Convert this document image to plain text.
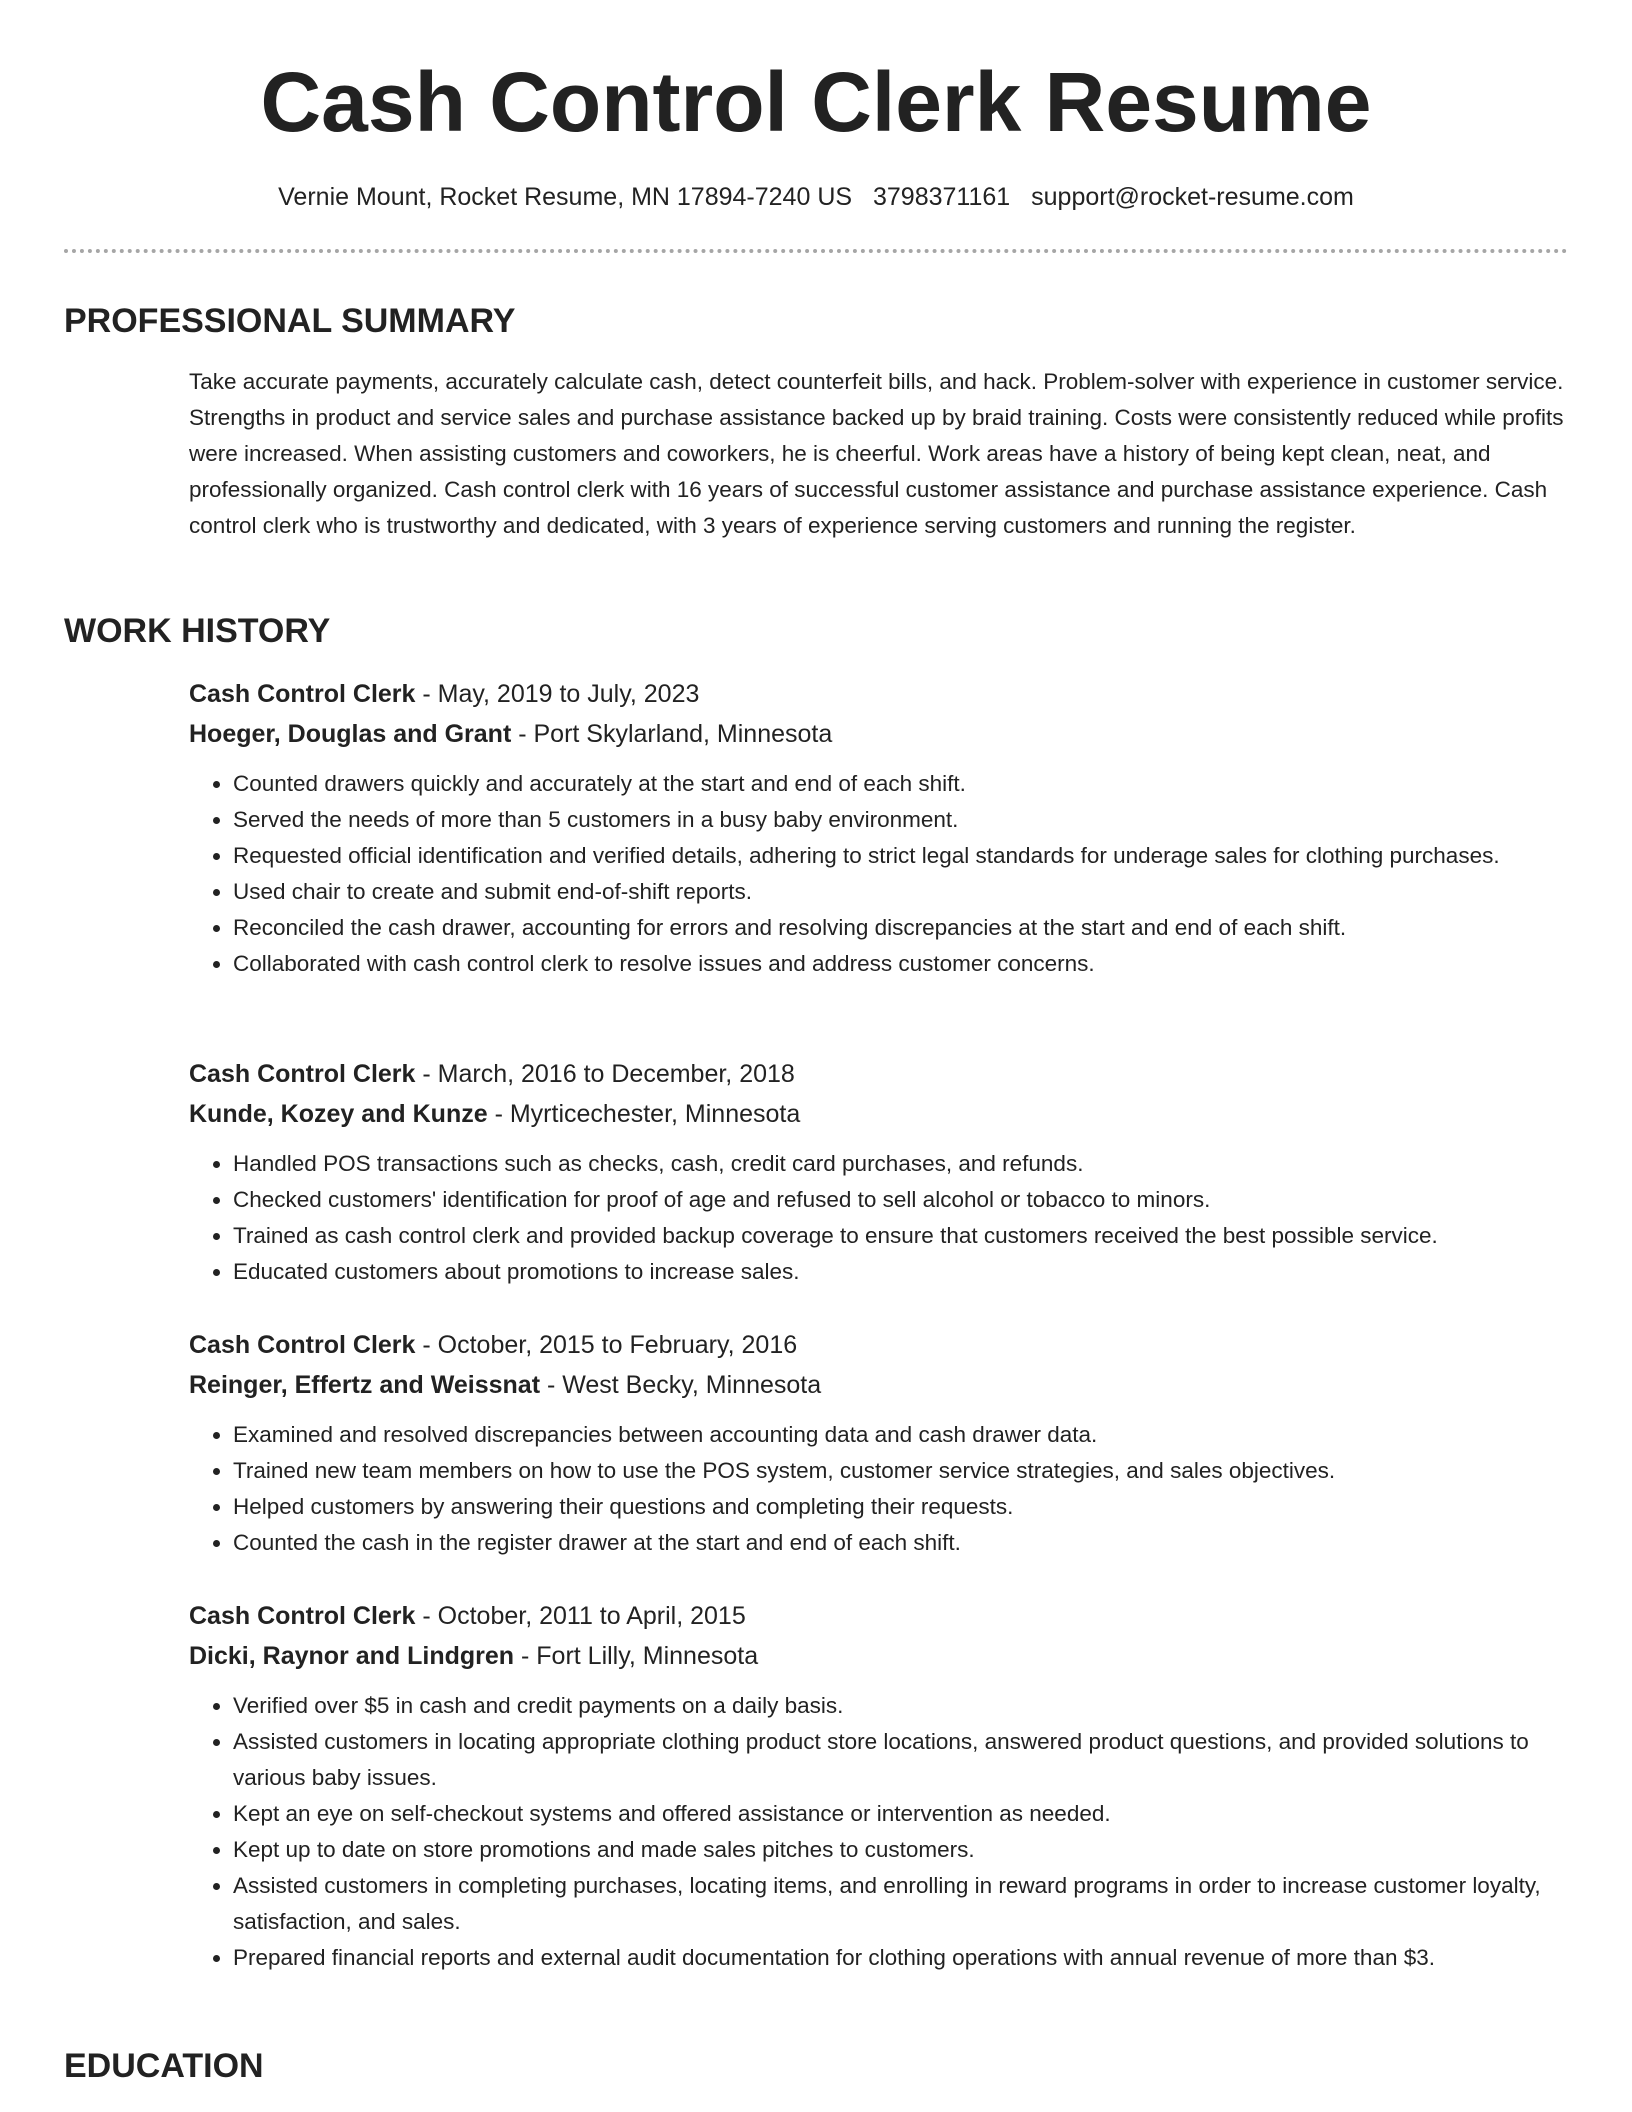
Cash Control Clerk Resume
Vernie Mount, Rocket Resume, MN 17894-7240 US 3798371161 support@rocket-resume.com
PROFESSIONAL SUMMARY

Take accurate payments, accurately calculate cash, detect counterfeit bills, and hack. Problem-solver with experience in customer service. Strengths in product and service sales and purchase assistance backed up by braid training. Costs were consistently reduced while profits were increased. When assisting customers and coworkers, he is cheerful. Work areas have a history of being kept clean, neat, and professionally organized. Cash control clerk with 16 years of successful customer assistance and purchase assistance experience. Cash control clerk who is trustworthy and dedicated, with 3 years of experience serving customers and running the register.

WORK HISTORY
Cash Control Clerk - May, 2019 to July, 2023
Hoeger, Douglas and Grant - Port Skylarland, Minnesota
• Counted drawers quickly and accurately at the start and end of each shift.
• Served the needs of more than 5 customers in a busy baby environment.
• Requested official identification and verified details, adhering to strict legal standards for underage sales for clothing purchases.
• Used chair to create and submit end-of-shift reports.
• Reconciled the cash drawer, accounting for errors and resolving discrepancies at the start and end of each shift.
• Collaborated with cash control clerk to resolve issues and address customer concerns.
Cash Control Clerk - March, 2016 to December, 2018
Kunde, Kozey and Kunze - Myrticechester, Minnesota
• Handled POS transactions such as checks, cash, credit card purchases, and refunds.
• Checked customers' identification for proof of age and refused to sell alcohol or tobacco to minors.
• Trained as cash control clerk and provided backup coverage to ensure that customers received the best possible service.
• Educated customers about promotions to increase sales.
Cash Control Clerk - October, 2015 to February, 2016
Reinger, Effertz and Weissnat - West Becky, Minnesota
• Examined and resolved discrepancies between accounting data and cash drawer data.
• Trained new team members on how to use the POS system, customer service strategies, and sales objectives.
• Helped customers by answering their questions and completing their requests.
• Counted the cash in the register drawer at the start and end of each shift.
Cash Control Clerk - October, 2011 to April, 2015
Dicki, Raynor and Lindgren - Fort Lilly, Minnesota
• Verified over $5 in cash and credit payments on a daily basis.
• Assisted customers in locating appropriate clothing product store locations, answered product questions, and provided solutions to various baby issues.
• Kept an eye on self-checkout systems and offered assistance or intervention as needed.
• Kept up to date on store promotions and made sales pitches to customers.
• Assisted customers in completing purchases, locating items, and enrolling in reward programs in order to increase customer loyalty, satisfaction, and sales.
• Prepared financial reports and external audit documentation for clothing operations with annual revenue of more than $3.
EDUCATION
